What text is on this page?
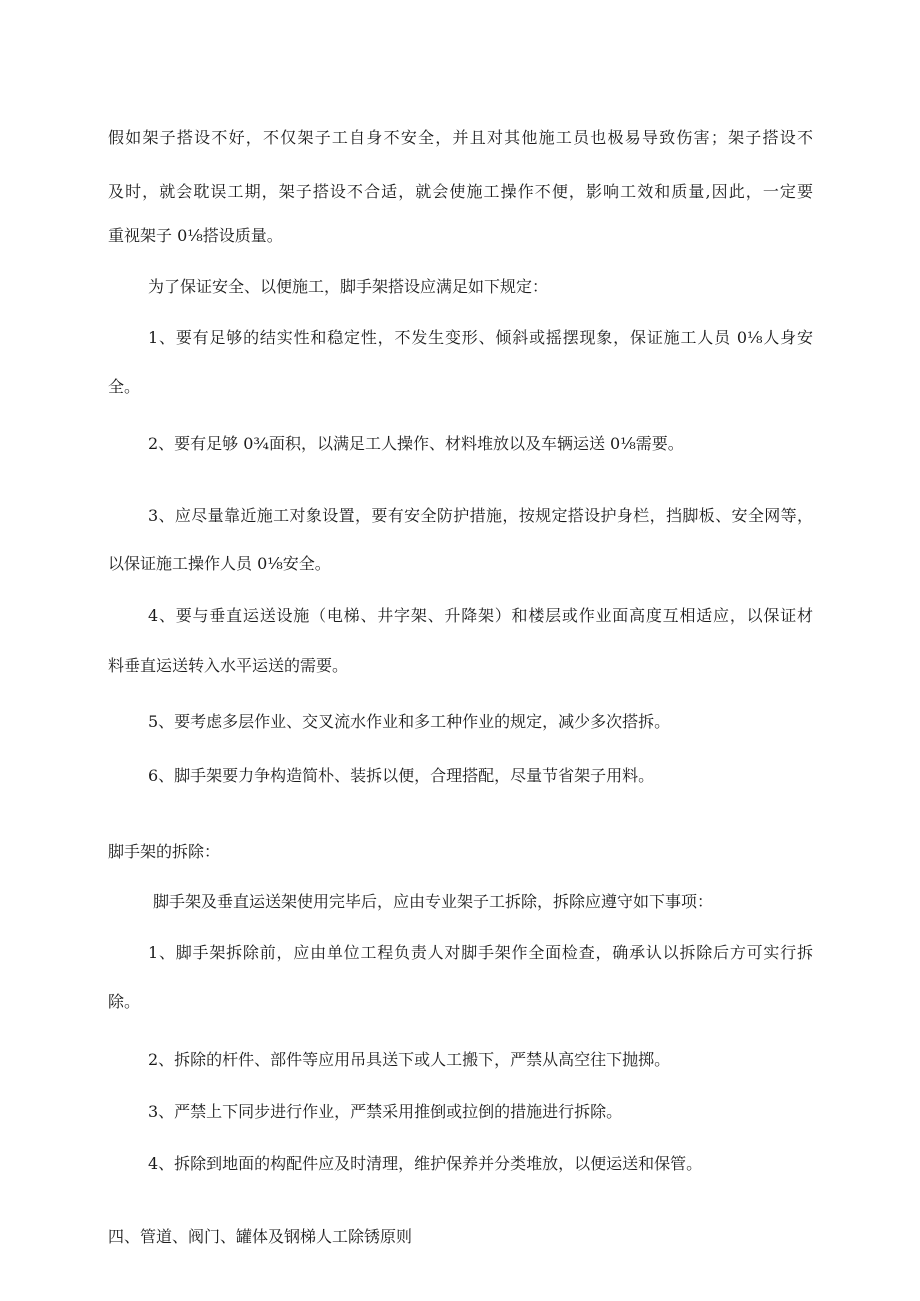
假如架子搭设不好，不仅架子工自身不安全，并且对其他施工员也极易导致伤害；架子搭设不

及时，就会耽误工期，架子搭设不合适，就会使施工操作不便，影响工效和质量,因此，一定要

重视架子 0⅛搭设质量。

为了保证安全、以便施工，脚手架搭设应满足如下规定：

1、要有足够的结实性和稳定性，不发生变形、倾斜或摇摆现象，保证施工人员 0⅛人身安

全。

2、要有足够 0¾面积，以满足工人操作、材料堆放以及车辆运送 0⅛需要。

3、应尽量靠近施工对象设置，要有安全防护措施，按规定搭设护身栏，挡脚板、安全网等，

以保证施工操作人员 0⅛安全。

4、要与垂直运送设施（电梯、井字架、升降架）和楼层或作业面高度互相适应，以保证材

料垂直运送转入水平运送的需要。

5、要考虑多层作业、交叉流水作业和多工种作业的规定，减少多次搭拆。

6、脚手架要力争构造简朴、装拆以便，合理搭配，尽量节省架子用料。

脚手架的拆除：

脚手架及垂直运送架使用完毕后，应由专业架子工拆除，拆除应遵守如下事项：

1、脚手架拆除前，应由单位工程负责人对脚手架作全面检查，确承认以拆除后方可实行拆

除。

2、拆除的杆件、部件等应用吊具送下或人工搬下，严禁从高空往下抛掷。

3、严禁上下同步进行作业，严禁采用推倒或拉倒的措施进行拆除。

4、拆除到地面的构配件应及时清理，维护保养并分类堆放，以便运送和保管。

四、管道、阀门、罐体及钢梯人工除锈原则
